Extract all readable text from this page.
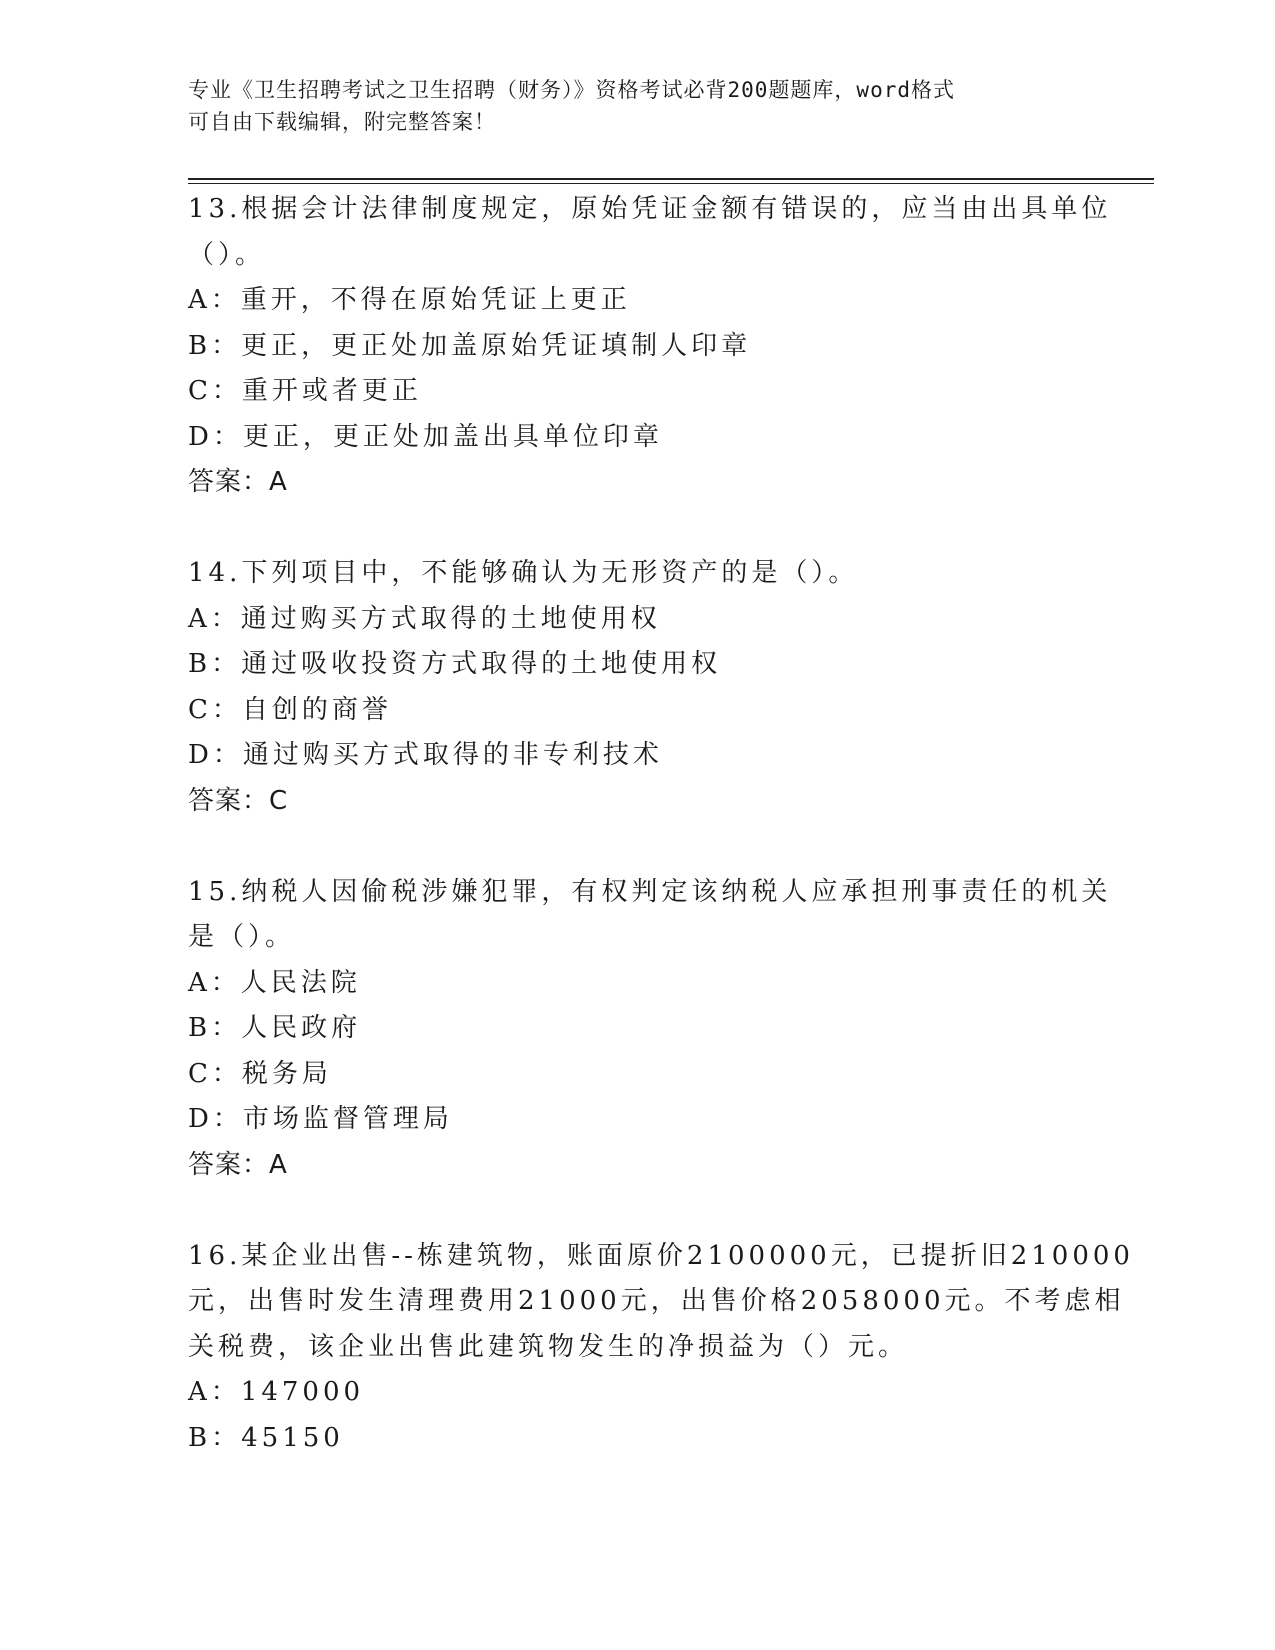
专业《卫生招聘考试之卫生招聘（财务）》资格考试必背200题题库，word格式
可自由下载编辑，附完整答案！
13.根据会计法律制度规定，原始凭证金额有错误的，应当由出具单位
（）。
A：重开，不得在原始凭证上更正
B：更正，更正处加盖原始凭证填制人印章
C：重开或者更正
D：更正，更正处加盖出具单位印章
答案：A
14.下列项目中，不能够确认为无形资产的是（）。
A：通过购买方式取得的土地使用权
B：通过吸收投资方式取得的土地使用权
C：自创的商誉
D：通过购买方式取得的非专利技术
答案：C
15.纳税人因偷税涉嫌犯罪，有权判定该纳税人应承担刑事责任的机关
是（）。
A：人民法院
B：人民政府
C：税务局
D：市场监督管理局
答案：A
16.某企业出售--栋建筑物，账面原价2100000元，已提折旧210000
元，出售时发生清理费用21000元，出售价格2058000元。不考虑相
关税费，该企业出售此建筑物发生的净损益为（）元。
A：147000
B：45150
